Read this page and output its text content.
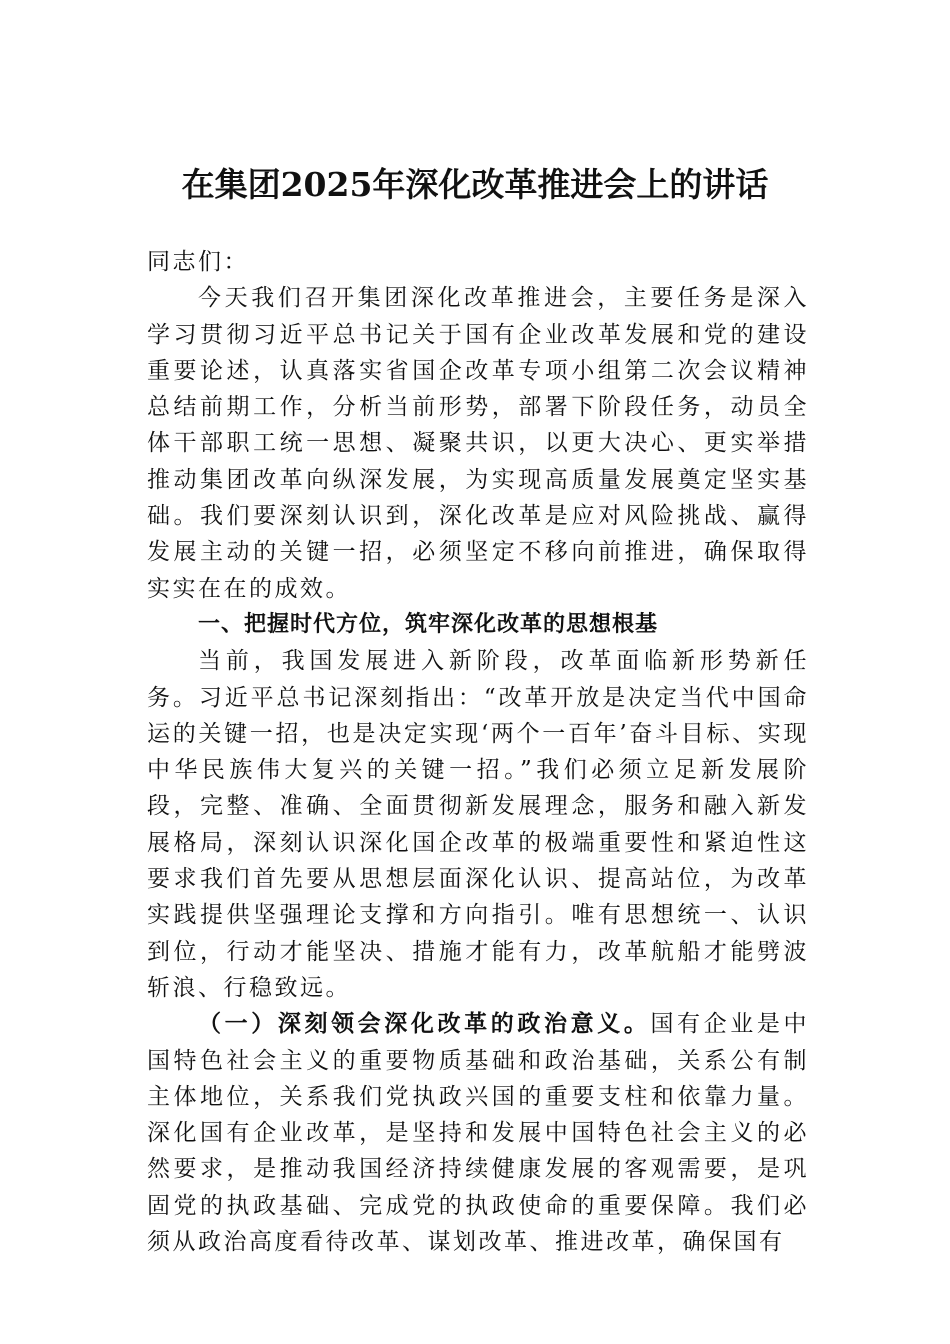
在集团2025年深化改革推进会上的讲话

同志们：

今天我们召开集团深化改革推进会，主要任务是深入学习贯彻习近平总书记关于国有企业改革发展和党的建设重要论述，认真落实省国企改革专项小组第二次会议精神总结前期工作，分析当前形势，部署下阶段任务，动员全体干部职工统一思想、凝聚共识，以更大决心、更实举措推动集团改革向纵深发展，为实现高质量发展奠定坚实基础。我们要深刻认识到，深化改革是应对风险挑战、赢得发展主动的关键一招，必须坚定不移向前推进，确保取得实实在在的成效。

一、把握时代方位，筑牢深化改革的思想根基

当前，我国发展进入新阶段，改革面临新形势新任务。习近平总书记深刻指出：“改革开放是决定当代中国命运的关键一招，也是决定实现‘两个一百年’奋斗目标、实现中华民族伟大复兴的关键一招。”我们必须立足新发展阶段，完整、准确、全面贯彻新发展理念，服务和融入新发展格局，深刻认识深化国企改革的极端重要性和紧迫性这要求我们首先要从思想层面深化认识、提高站位，为改革实践提供坚强理论支撑和方向指引。唯有思想统一、认识到位，行动才能坚决、措施才能有力，改革航船才能劈波斩浪、行稳致远。

（一）深刻领会深化改革的政治意义。国有企业是中国特色社会主义的重要物质基础和政治基础，关系公有制主体地位，关系我们党执政兴国的重要支柱和依靠力量。深化国有企业改革，是坚持和发展中国特色社会主义的必然要求，是推动我国经济持续健康发展的客观需要，是巩固党的执政基础、完成党的执政使命的重要保障。我们必须从政治高度看待改革、谋划改革、推进改革，确保国有
